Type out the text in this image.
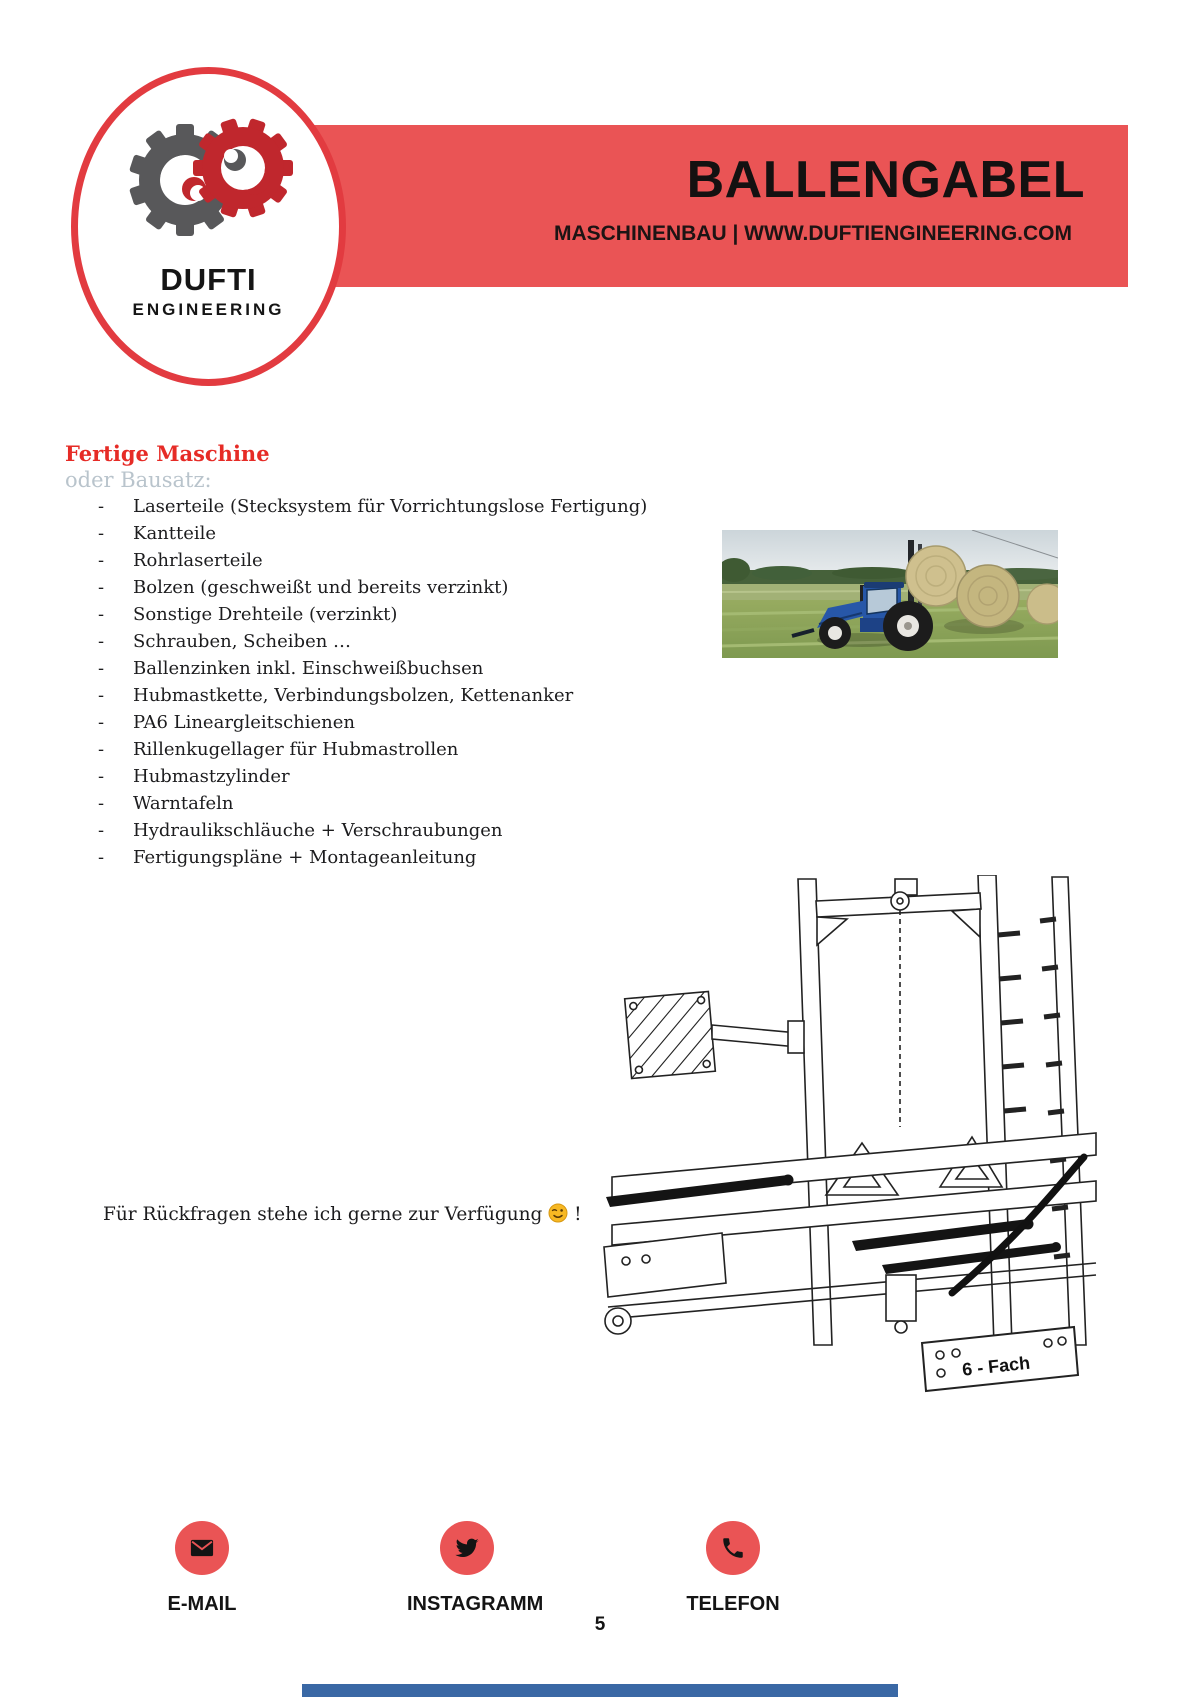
BALLENGABEL
MASCHINENBAU | WWW.DUFTIENGINEERING.COM
DUFTI
ENGINEERING
Fertige Maschine
oder Bausatz:
-	Laserteile (Stecksystem für Vorrichtungslose Fertigung)
-	Kantteile
-	Rohrlaserteile
-	Bolzen (geschweißt und bereits verzinkt)
-	Sonstige Drehteile (verzinkt)
-	Schrauben, Scheiben …
-	Ballenzinken inkl. Einschweißbuchsen
-	Hubmastkette, Verbindungsbolzen, Kettenanker
-	PA6 Lineargleitschienen
-	Rillenkugellager für Hubmastrollen
-	Hubmastzylinder
-	Warntafeln
-	Hydraulikschläuche + Verschraubungen
-	Fertigungspläne + Montageanleitung
Für Rückfragen stehe ich gerne zur Verfügung !
6 - Fach
E-MAIL	INSTAGRAMM	TELEFON
5
